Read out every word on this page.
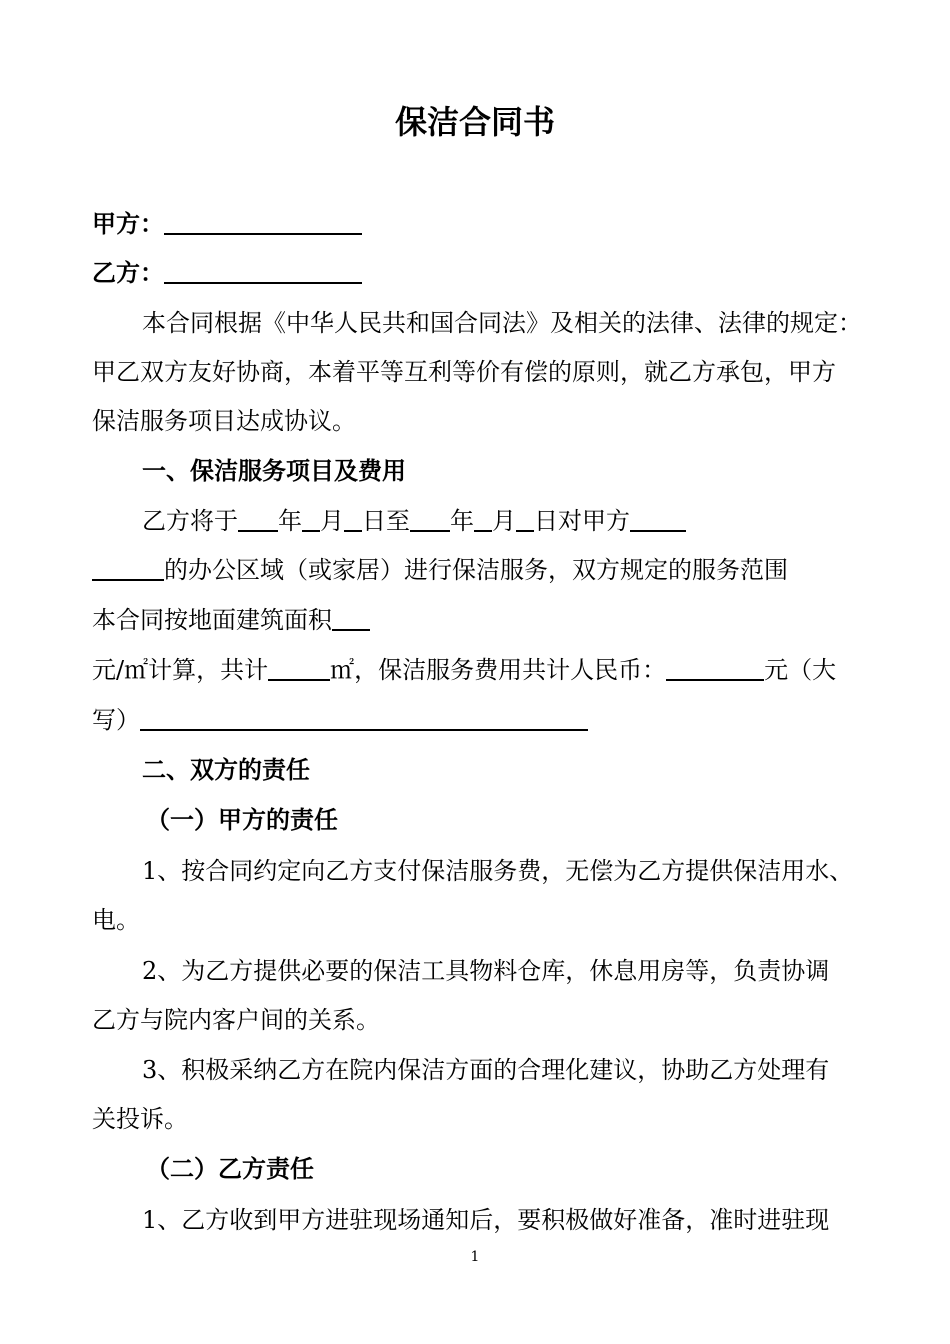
保洁合同书
甲方：
乙方：
本合同根据《中华人民共和国合同法》及相关的法律、法律的规定：
甲乙双方友好协商，本着平等互利等价有偿的原则，就乙方承包，甲方
保洁服务项目达成协议。
一、保洁服务项目及费用
乙方将于 年 月 日至 年 月 日对甲方
的办公区域（或家居）进行保洁服务，双方规定的服务范围
本合同按地面建筑面积
元/㎡计算，共计	㎡，保洁服务费用共计人民币：	元（大
写）
二、双方的责任
（一）甲方的责任
1、按合同约定向乙方支付保洁服务费，无偿为乙方提供保洁用水、
电。
2、为乙方提供必要的保洁工具物料仓库，休息用房等，负责协调
乙方与院内客户间的关系。
3、积极采纳乙方在院内保洁方面的合理化建议，协助乙方处理有
关投诉。
（二）乙方责任
1、乙方收到甲方进驻现场通知后，要积极做好准备，准时进驻现
1
